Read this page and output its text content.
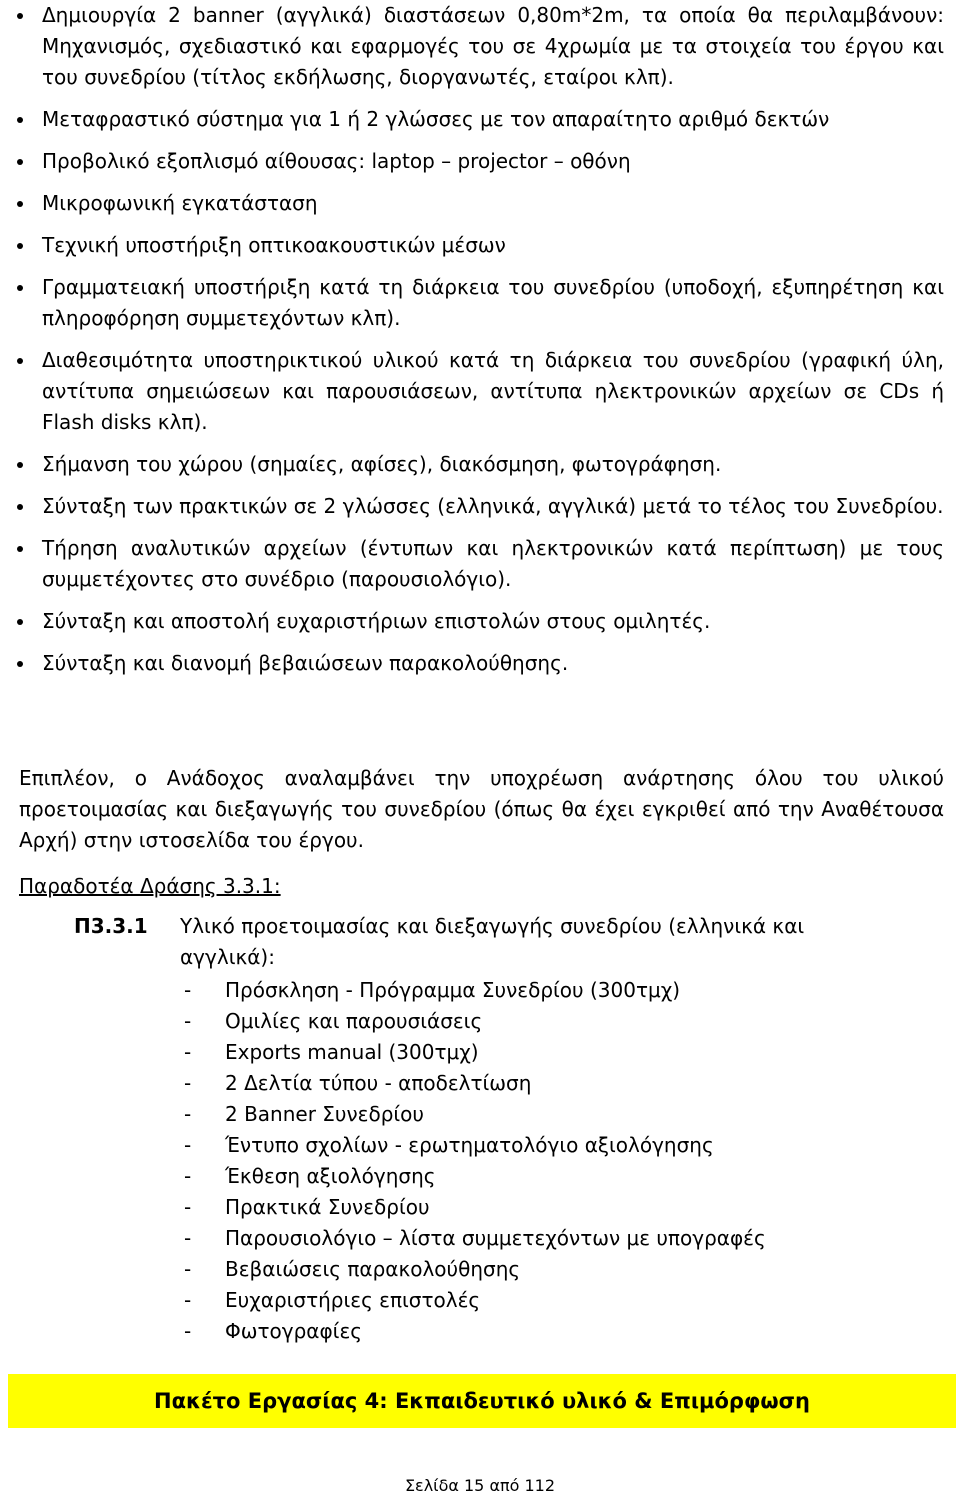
Δημιουργία 2 banner (αγγλικά) διαστάσεων 0,80m*2m, τα οποία θα περιλαμβάνουν: Μηχανισμός, σχεδιαστικό και εφαρμογές του σε 4χρωμία με τα στοιχεία του έργου και του συνεδρίου (τίτλος εκδήλωσης, διοργανωτές, εταίροι κλπ).
Μεταφραστικό σύστημα για 1 ή 2 γλώσσες με τον απαραίτητο αριθμό δεκτών
Προβολικό εξοπλισμό αίθουσας: laptop – projector – οθόνη
Μικροφωνική εγκατάσταση
Τεχνική υποστήριξη οπτικοακουστικών μέσων
Γραμματειακή υποστήριξη κατά τη διάρκεια του συνεδρίου (υποδοχή, εξυπηρέτηση και πληροφόρηση συμμετεχόντων κλπ).
Διαθεσιμότητα υποστηρικτικού υλικού κατά τη διάρκεια του συνεδρίου (γραφική ύλη, αντίτυπα σημειώσεων και παρουσιάσεων, αντίτυπα ηλεκτρονικών αρχείων σε CDs ή Flash disks κλπ).
Σήμανση του χώρου (σημαίες, αφίσες), διακόσμηση, φωτογράφηση.
Σύνταξη των πρακτικών σε 2 γλώσσες (ελληνικά, αγγλικά) μετά το τέλος του Συνεδρίου.
Τήρηση αναλυτικών αρχείων (έντυπων και ηλεκτρονικών κατά περίπτωση) με τους συμμετέχοντες στο συνέδριο (παρουσιολόγιο).
Σύνταξη και αποστολή ευχαριστήριων επιστολών στους ομιλητές.
Σύνταξη και διανομή βεβαιώσεων παρακολούθησης.

Επιπλέον, ο Ανάδοχος αναλαμβάνει την υποχρέωση ανάρτησης όλου του υλικού προετοιμασίας και διεξαγωγής του συνεδρίου (όπως θα έχει εγκριθεί από την Αναθέτουσα Αρχή) στην ιστοσελίδα του έργου.

Παραδοτέα Δράσης 3.3.1:

Π3.3.1 Υλικό προετοιμασίας και διεξαγωγής συνεδρίου (ελληνικά και αγγλικά):
- Πρόσκληση - Πρόγραμμα Συνεδρίου (300τμχ)
- Ομιλίες και παρουσιάσεις
- Exports manual (300τμχ)
- 2 Δελτία τύπου - αποδελτίωση
- 2 Banner Συνεδρίου
- Έντυπο σχολίων - ερωτηματολόγιο αξιολόγησης
- Έκθεση αξιολόγησης
- Πρακτικά Συνεδρίου
- Παρουσιολόγιο – λίστα συμμετεχόντων με υπογραφές
- Βεβαιώσεις παρακολούθησης
- Ευχαριστήριες επιστολές
- Φωτογραφίες
Πακέτο Εργασίας 4: Εκπαιδευτικό υλικό & Επιμόρφωση
Σελίδα 15 από 112
